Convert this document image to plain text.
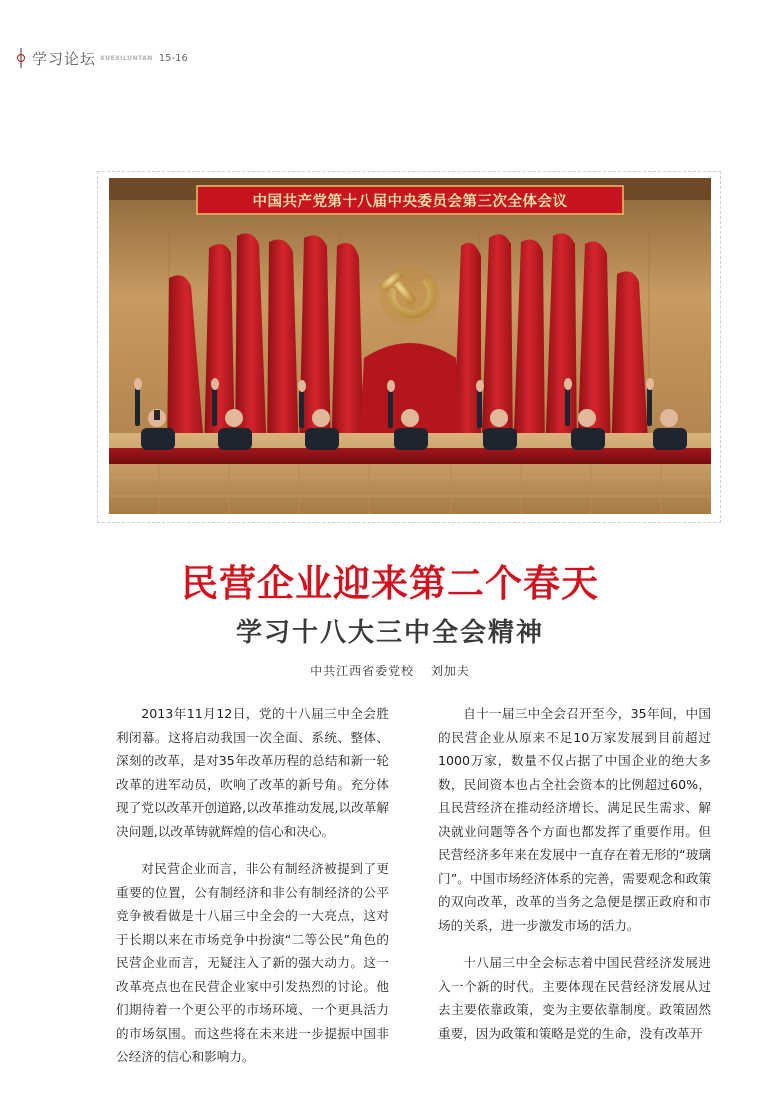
学习论坛 XUEXILUNTAN 15-16
中国共产党第十八届中央委员会第三次全体会议
民营企业迎来第二个春天
学习十八大三中全会精神
中共江西省委党校 刘加夫

2013年11月12日，党的十八届三中全会胜利闭幕。这将启动我国一次全面、系统、整体、深刻的改革，是对35年改革历程的总结和新一轮改革的进军动员，吹响了改革的新号角。充分体现了党以改革开创道路,以改革推动发展,以改革解决问题,以改革铸就辉煌的信心和决心。

对民营企业而言，非公有制经济被提到了更重要的位置，公有制经济和非公有制经济的公平竞争被看做是十八届三中全会的一大亮点，这对于长期以来在市场竞争中扮演“二等公民”角色的民营企业而言，无疑注入了新的强大动力。这一改革亮点也在民营企业家中引发热烈的讨论。他们期待着一个更公平的市场环境、一个更具活力的市场氛围。而这些将在未来进一步提振中国非公经济的信心和影响力。

自十一届三中全会召开至今，35年间，中国的民营企业从原来不足10万家发展到目前超过1000万家，数量不仅占据了中国企业的绝大多数，民间资本也占全社会资本的比例超过60%，且民营经济在推动经济增长、满足民生需求、解决就业问题等各个方面也都发挥了重要作用。但民营经济多年来在发展中一直存在着无形的“玻璃门”。中国市场经济体系的完善，需要观念和政策的双向改革，改革的当务之急便是摆正政府和市场的关系，进一步激发市场的活力。

十八届三中全会标志着中国民营经济发展进入一个新的时代。主要体现在民营经济发展从过去主要依靠政策，变为主要依靠制度。政策固然重要，因为政策和策略是党的生命，没有改革开
